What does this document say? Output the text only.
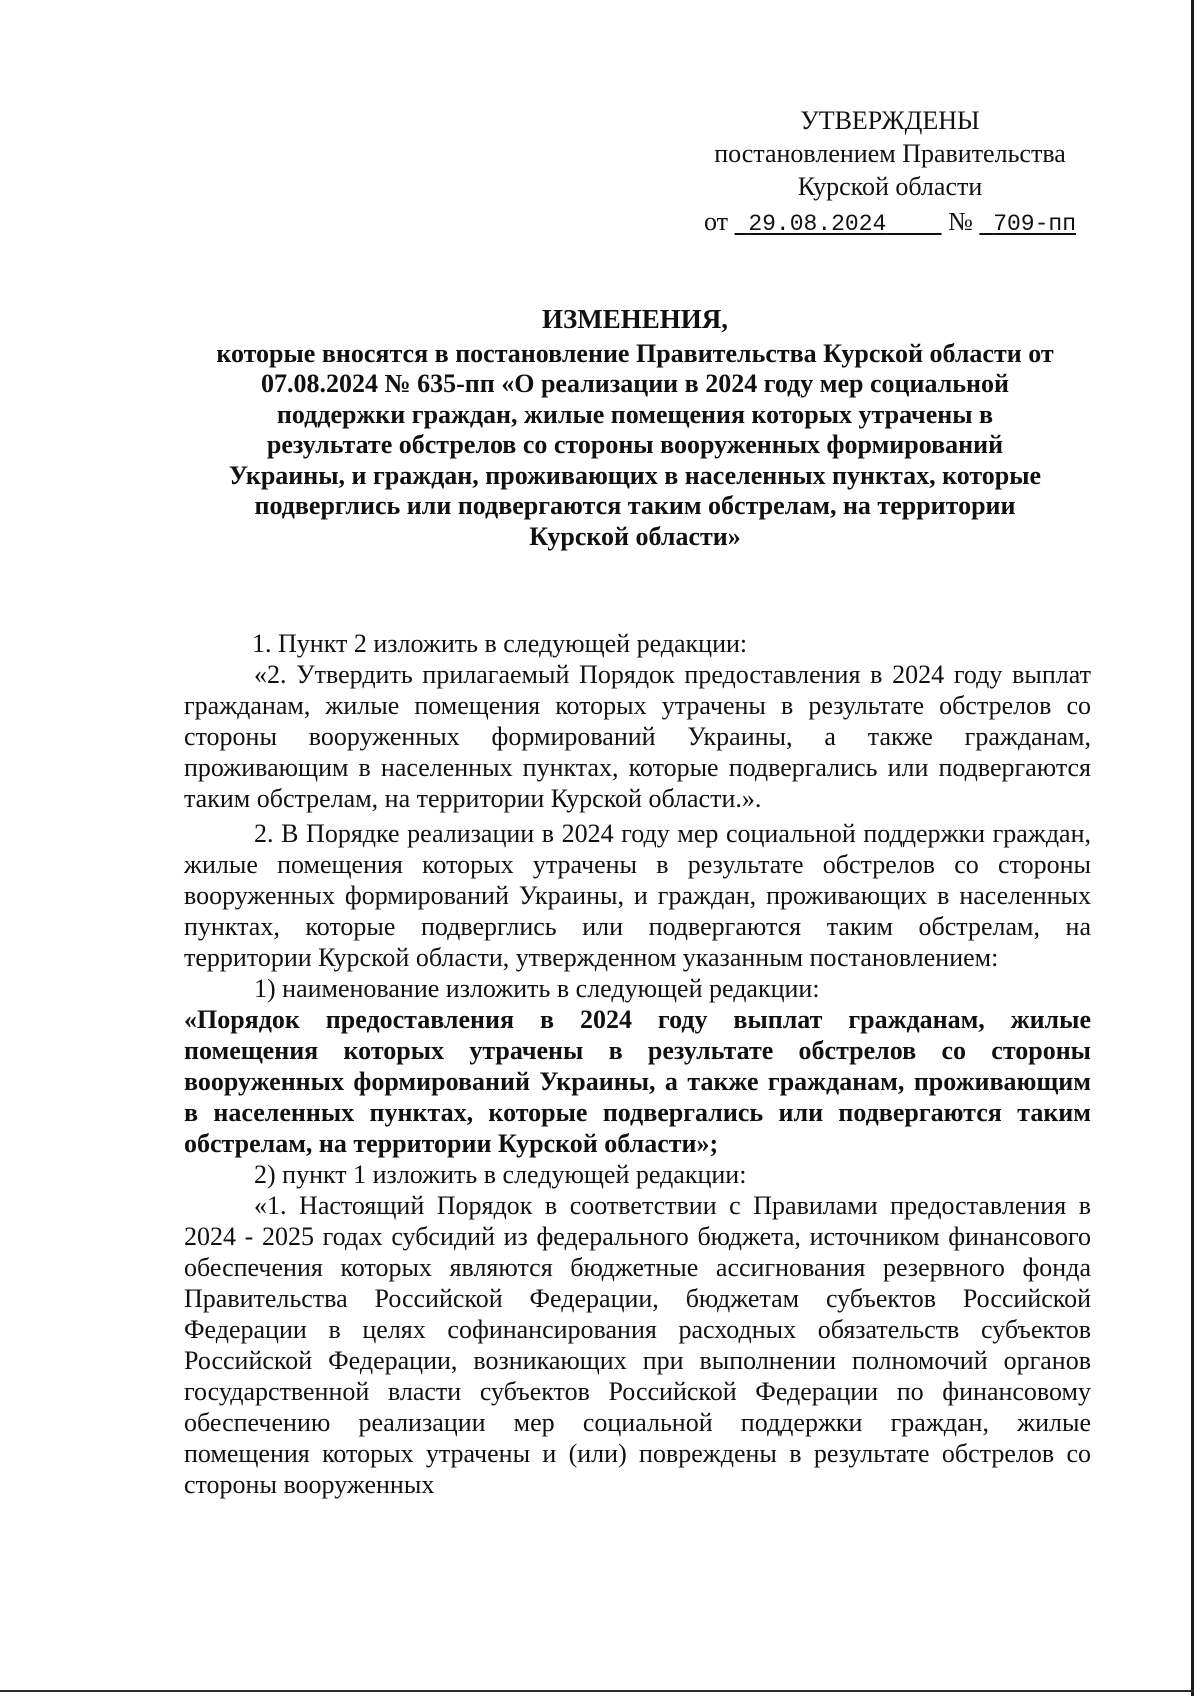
УТВЕРЖДЕНЫ
постановлением Правительства
Курской области
от 29.08.2024 № 709-пп
ИЗМЕНЕНИЯ,
которые вносятся в постановление Правительства Курской области от
07.08.2024 № 635-пп «О реализации в 2024 году мер социальной
поддержки граждан, жилые помещения которых утрачены в
результате обстрелов со стороны вооруженных формирований
Украины, и граждан, проживающих в населенных пунктах, которые
подверглись или подвергаются таким обстрелам, на территории
Курской области»

1. Пункт 2 изложить в следующей редакции:

«2. Утвердить прилагаемый Порядок предоставления в 2024 году выплат гражданам, жилые помещения которых утрачены в результате обстрелов со стороны вооруженных формирований Украины, а также гражданам, проживающим в населенных пунктах, которые подвергались или подвергаются таким обстрелам, на территории Курской области.».

2. В Порядке реализации в 2024 году мер социальной поддержки граждан, жилые помещения которых утрачены в результате обстрелов со стороны вооруженных формирований Украины, и граждан, проживающих в населенных пунктах, которые подверглись или подвергаются таким обстрелам, на территории Курской области, утвержденном указанным постановлением:

1) наименование изложить в следующей редакции:

«Порядок предоставления в 2024 году выплат гражданам, жилые помещения которых утрачены в результате обстрелов со стороны вооруженных формирований Украины, а также гражданам, проживающим в населенных пунктах, которые подвергались или подвергаются таким обстрелам, на территории Курской области»;

2) пункт 1 изложить в следующей редакции:

«1. Настоящий Порядок в соответствии с Правилами предоставления в 2024 - 2025 годах субсидий из федерального бюджета, источником финансового обеспечения которых являются бюджетные ассигнования резервного фонда Правительства Российской Федерации, бюджетам субъектов Российской Федерации в целях софинансирования расходных обязательств субъектов Российской Федерации, возникающих при выполнении полномочий органов государственной власти субъектов Российской Федерации по финансовому обеспечению реализации мер социальной поддержки граждан, жилые помещения которых утрачены и (или) повреждены в результате обстрелов со стороны вооруженных
